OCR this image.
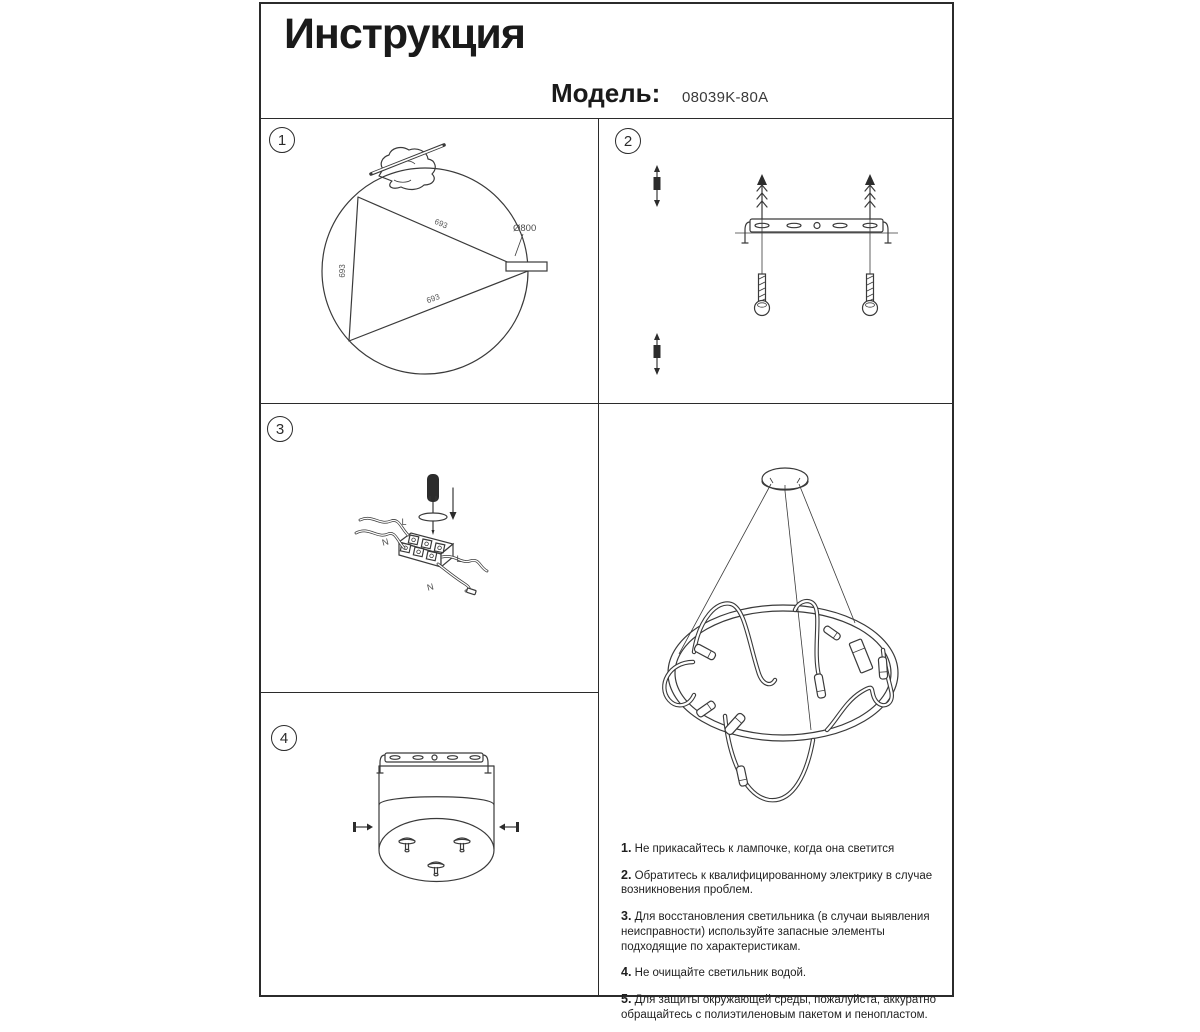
Инструкция
Модель: 08039K-80A
1
693
693
693
Ø800
2
3
L
N
L
N
4

1. Не прикасайтесь к лампочке, когда она светится

2. Обратитесь к квалифицированному электрику в случае возникновения проблем.

3. Для восстановления светильника (в случаи выявления неисправности) используйте запасные элементы подходящие по характеристикам.

4. Не очищайте светильник водой.

5. Для защиты окружающей среды, пожалуйста, аккуратно обращайтесь с полиэтиленовым пакетом и пенопластом.
